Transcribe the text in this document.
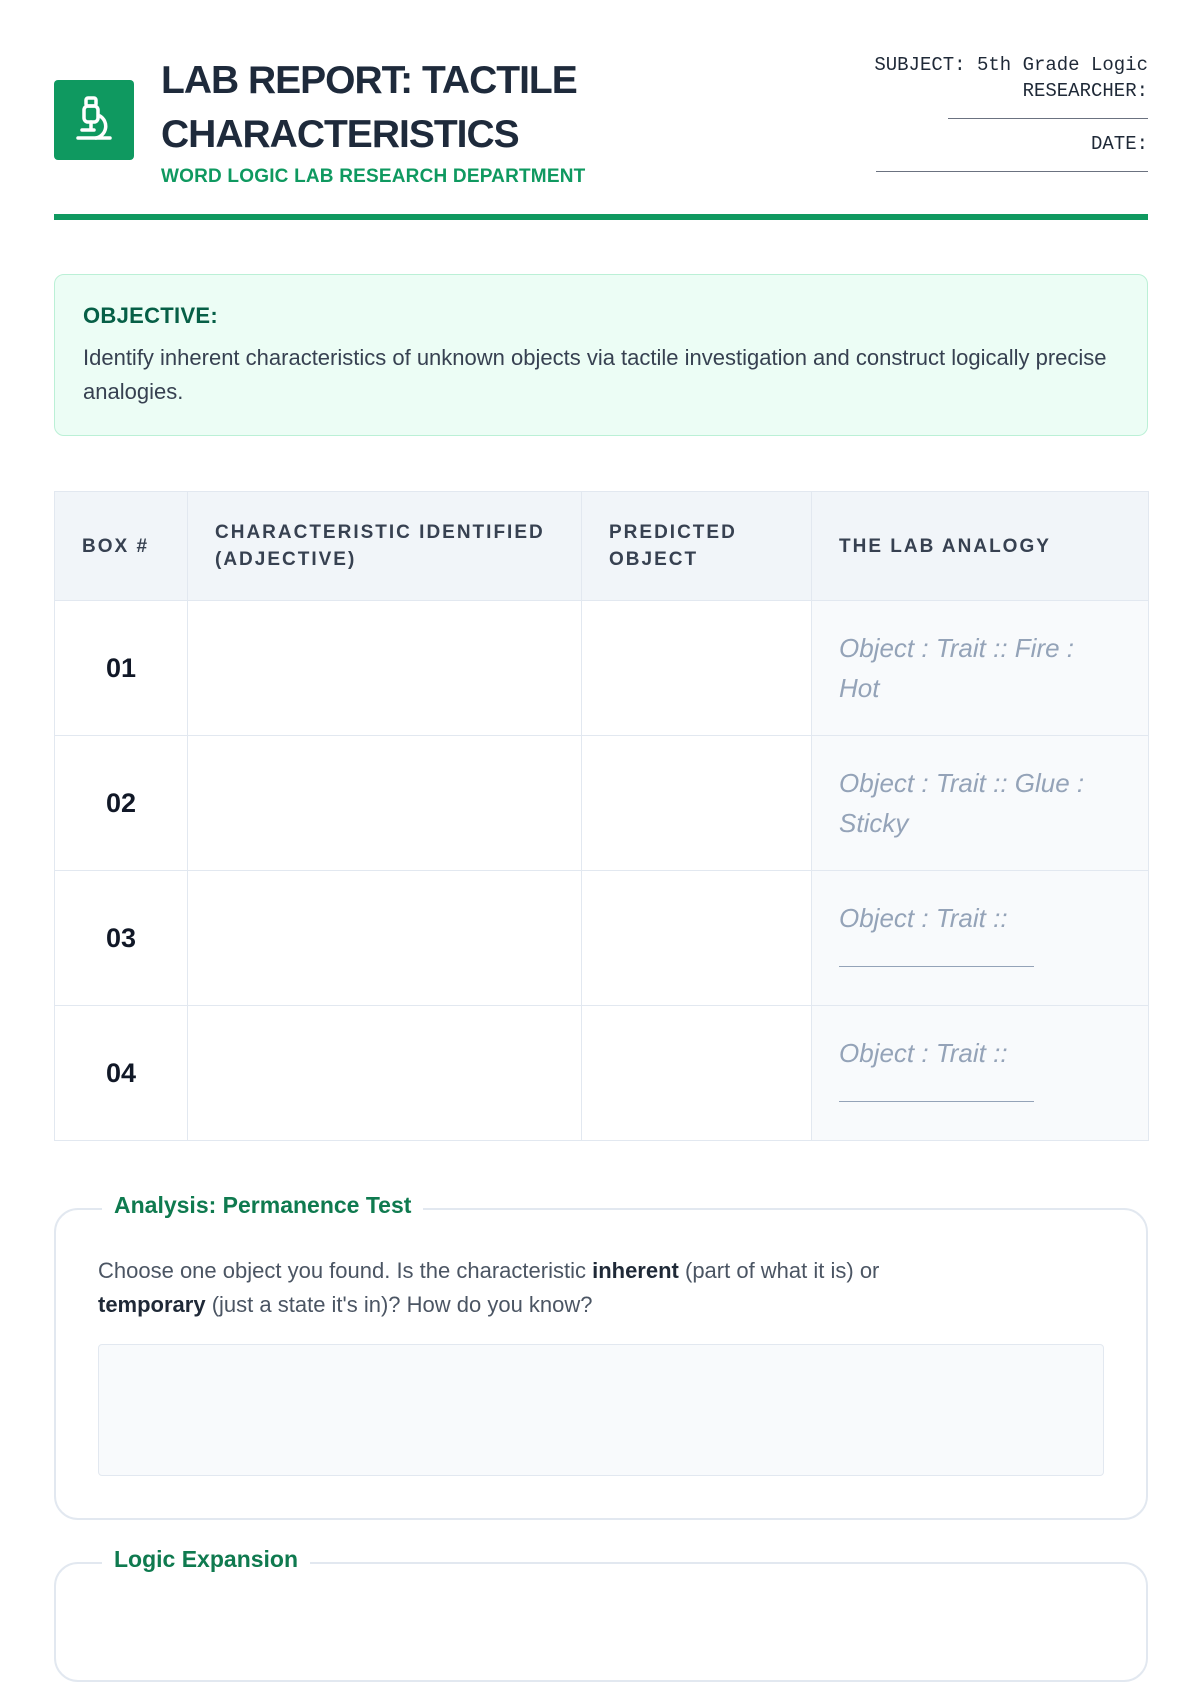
LAB REPORT: TACTILE
CHARACTERISTICS
WORD LOGIC LAB RESEARCH DEPARTMENT
SUBJECT: 5th Grade Logic
RESEARCHER:
DATE:
OBJECTIVE:
Identify inherent characteristics of unknown objects via tactile investigation and construct logically precise analogies.
BOX #	CHARACTERISTIC IDENTIFIED (ADJECTIVE)	PREDICTED OBJECT	THE LAB ANALOGY
01			Object : Trait :: Fire : Hot
02			Object : Trait :: Glue : Sticky
03			Object : Trait ::

04			Object : Trait ::

Analysis: Permanence Test
Choose one object you found. Is the characteristic inherent (part of what it is) or
temporary (just a state it's in)? How do you know?
Logic Expansion
